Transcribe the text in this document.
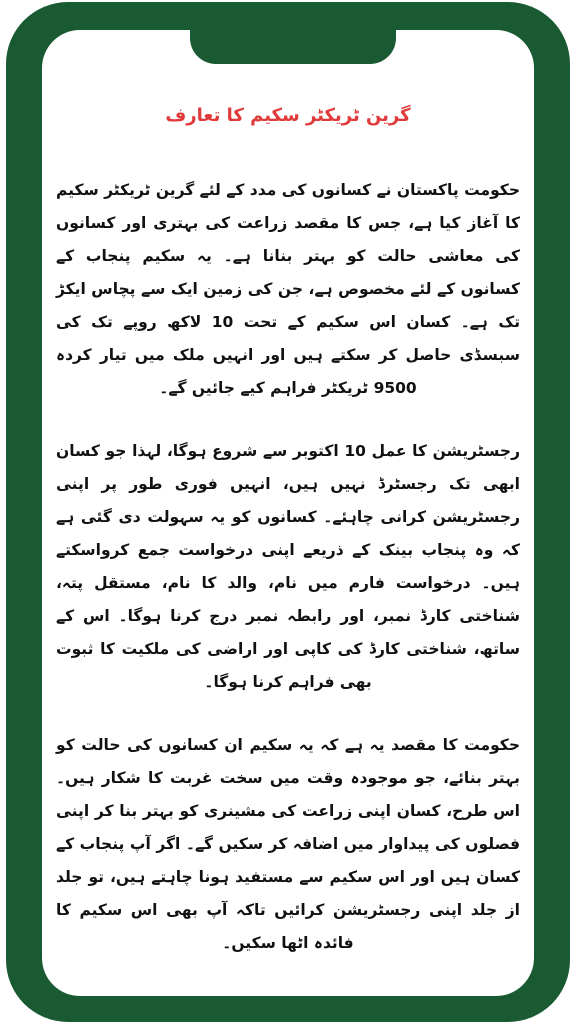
گرین ٹریکٹر سکیم کا تعارف

حکومت پاکستان نے کسانوں کی مدد کے لئے گرین ٹریکٹر سکیم کا آغاز کیا ہے، جس کا مقصد زراعت کی بہتری اور کسانوں کی معاشی حالت کو بہتر بنانا ہے۔ یہ سکیم پنجاب کے کسانوں کے لئے مخصوص ہے، جن کی زمین ایک سے پچاس ایکڑ تک ہے۔ کسان اس سکیم کے تحت 10 لاکھ روپے تک کی سبسڈی حاصل کر سکتے ہیں اور انہیں ملک میں تیار کردہ 9500 ٹریکٹر فراہم کیے جائیں گے۔

رجسٹریشن کا عمل 10 اکتوبر سے شروع ہوگا، لہذا جو کسان ابھی تک رجسٹرڈ نہیں ہیں، انہیں فوری طور پر اپنی رجسٹریشن کرانی چاہئے۔ کسانوں کو یہ سہولت دی گئی ہے کہ وہ پنجاب بینک کے ذریعے اپنی درخواست جمع کرواسکتے ہیں۔ درخواست فارم میں نام، والد کا نام، مستقل پتہ، شناختی کارڈ نمبر، اور رابطہ نمبر درج کرنا ہوگا۔ اس کے ساتھ، شناختی کارڈ کی کاپی اور اراضی کی ملکیت کا ثبوت بھی فراہم کرنا ہوگا۔

حکومت کا مقصد یہ ہے کہ یہ سکیم ان کسانوں کی حالت کو بہتر بنائے، جو موجودہ وقت میں سخت غربت کا شکار ہیں۔ اس طرح، کسان اپنی زراعت کی مشینری کو بہتر بنا کر اپنی فصلوں کی پیداوار میں اضافہ کر سکیں گے۔ اگر آپ پنجاب کے کسان ہیں اور اس سکیم سے مستفید ہونا چاہتے ہیں، تو جلد از جلد اپنی رجسٹریشن کرائیں تاکہ آپ بھی اس سکیم کا فائدہ اٹھا سکیں۔
